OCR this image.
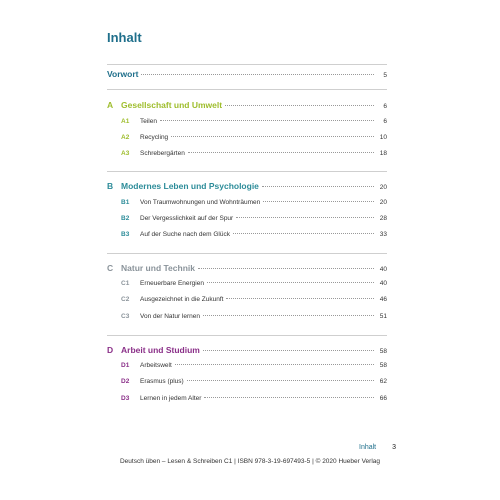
Inhalt
Vorwort	5
A Gesellschaft und Umwelt	6
A1	Teilen	6
A2	Recycling	10
A3	Schrebergärten	18
B Modernes Leben und Psychologie	20
B1	Von Traumwohnungen und Wohnträumen	20
B2	Der Vergesslichkeit auf der Spur	28
B3	Auf der Suche nach dem Glück	33
C Natur und Technik	40
C1	Erneuerbare Energien	40
C2	Ausgezeichnet in die Zukunft	46
C3	Von der Natur lernen	51
D Arbeit und Studium	58
D1	Arbeitswelt	58
D2	Erasmus (plus)	62
D3	Lernen in jedem Alter	66
Inhalt 3
Deutsch üben – Lesen & Schreiben C1 | ISBN 978-3-19-697493-5 | © 2020 Hueber Verlag
